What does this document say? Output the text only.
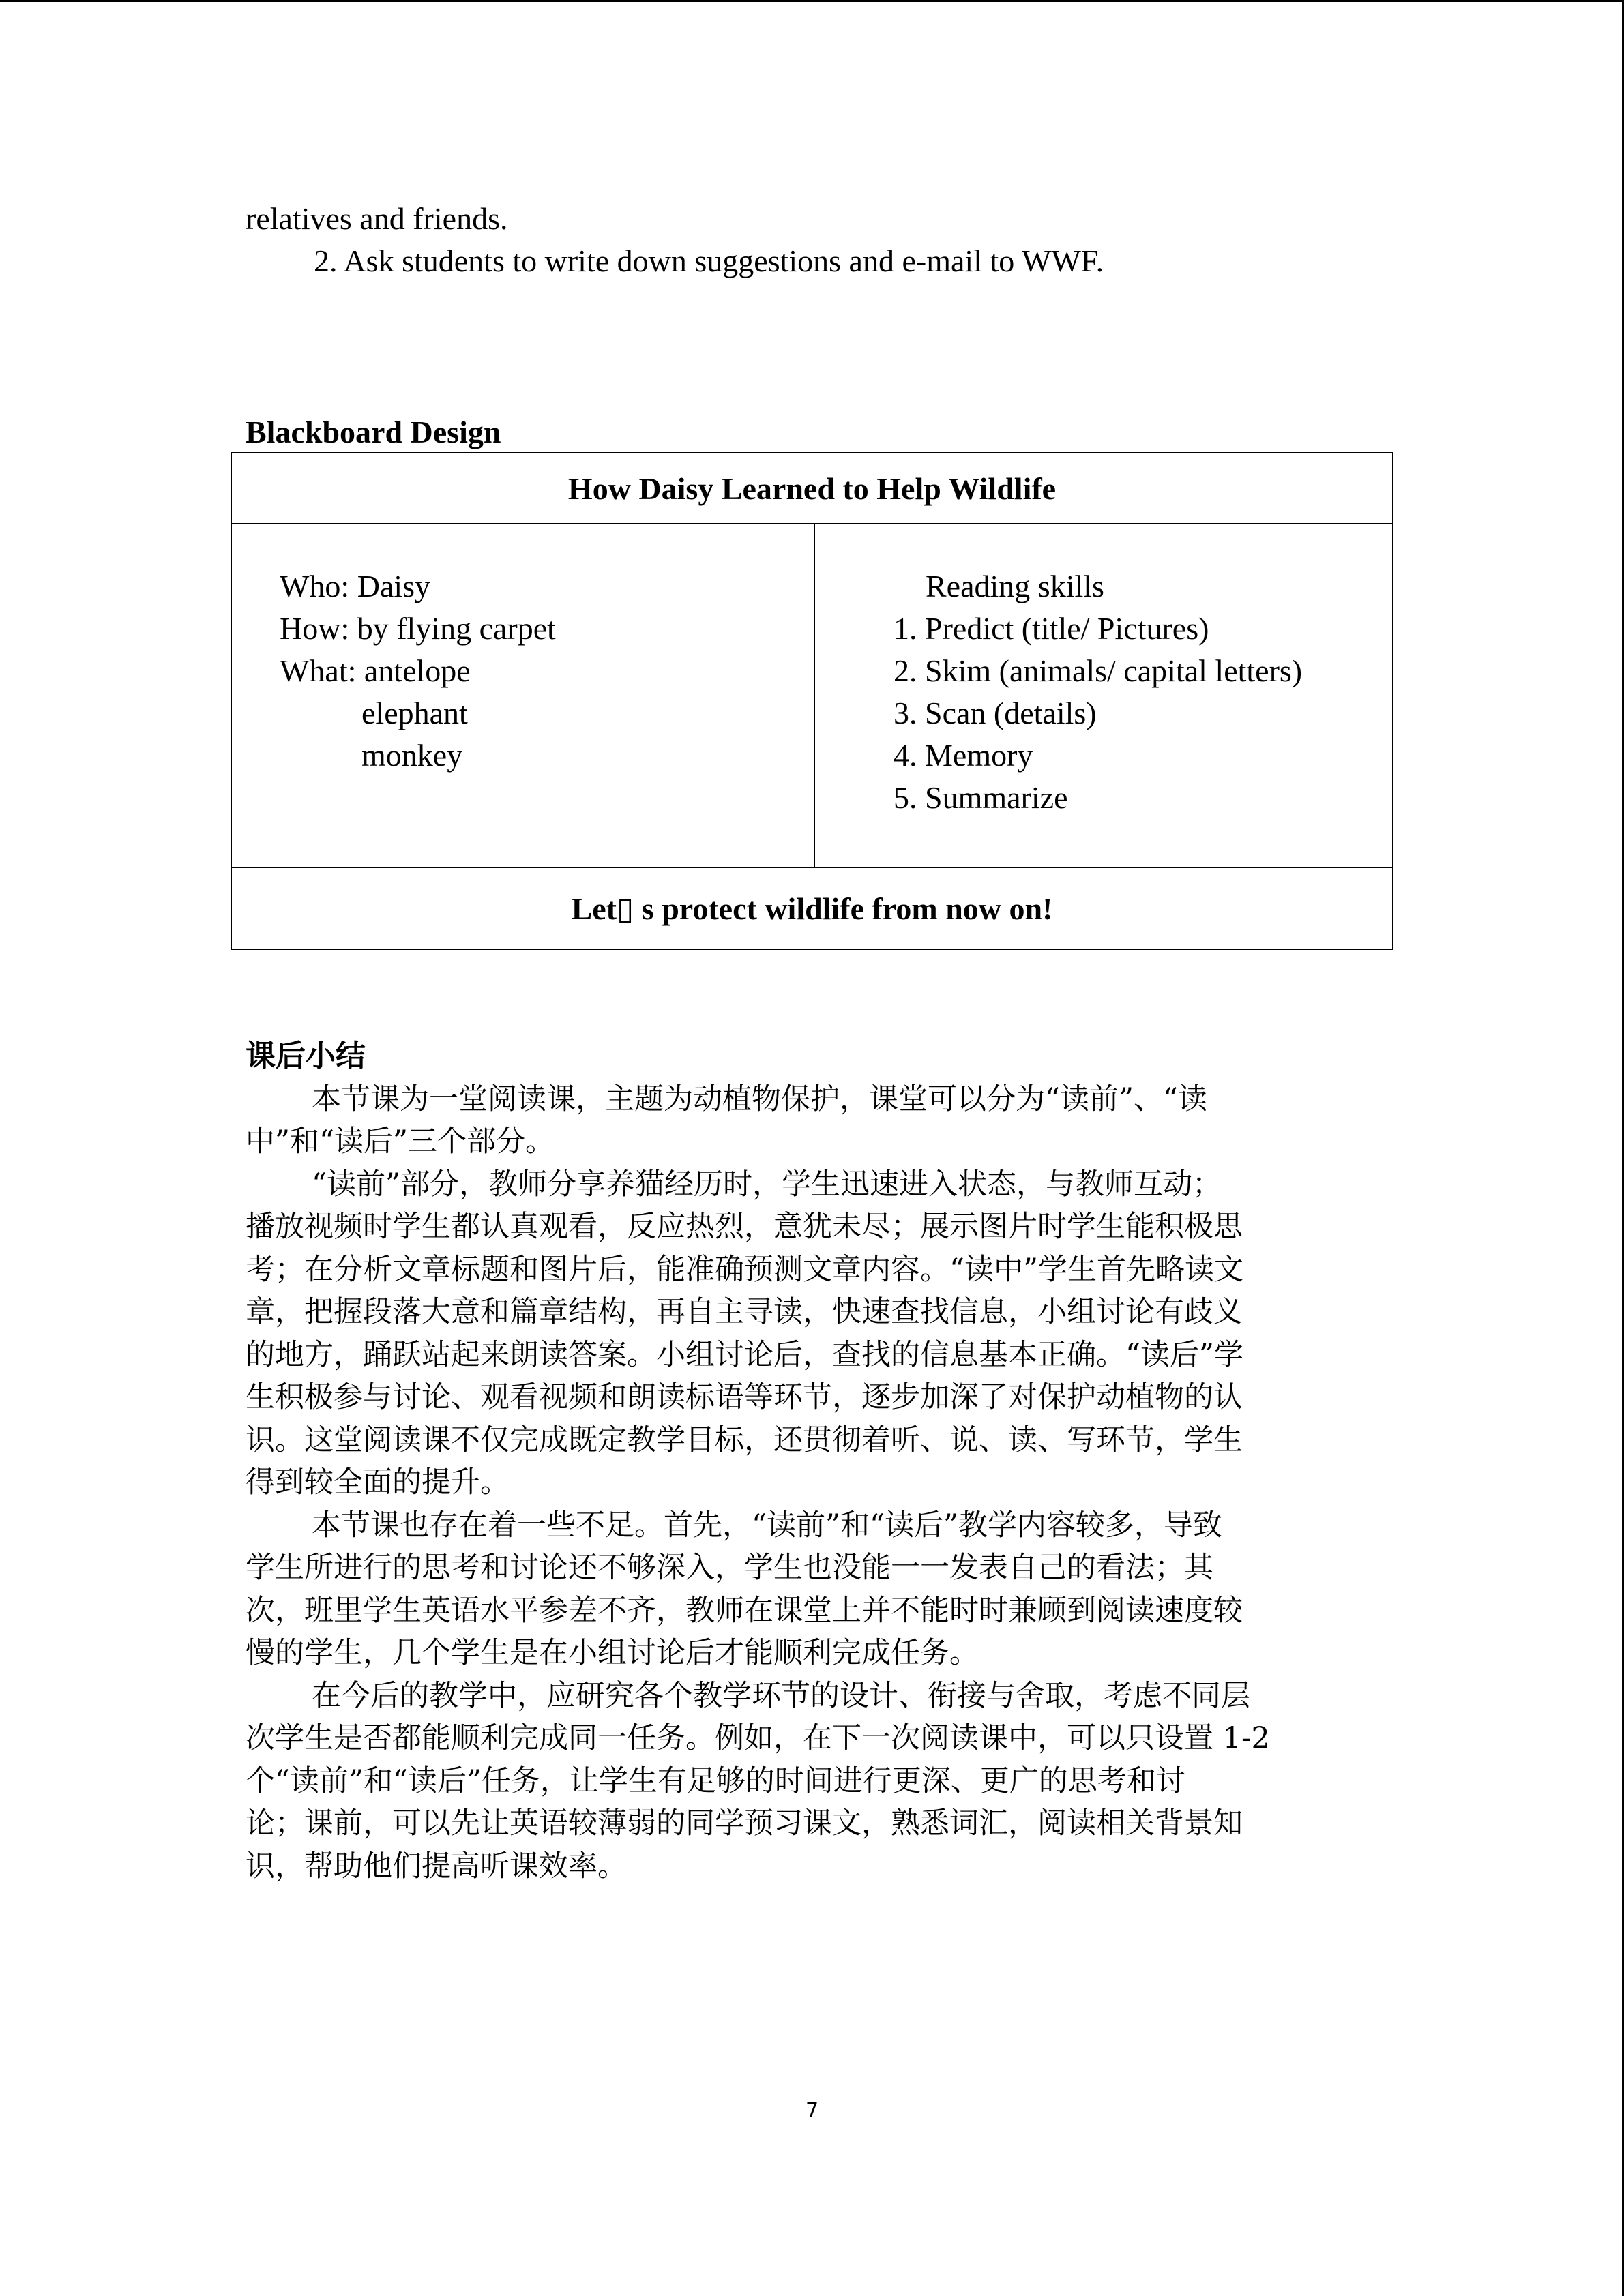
relatives and friends.
2. Ask students to write down suggestions and e-mail to WWF.
Blackboard Design
How Daisy Learned to Help Wildlife
Who: Daisy
How: by flying carpet
What: antelope
elephant
monkey
Reading skills
1. Predict (title/ Pictures)
2. Skim (animals/ capital letters)
3. Scan (details)
4. Memory
5. Summarize
Let▯ s protect wildlife from now on!
课后小结
本节课为一堂阅读课，主题为动植物保护，课堂可以分为“读前”、“读
中”和“读后”三个部分。
“读前”部分，教师分享养猫经历时，学生迅速进入状态，与教师互动；
播放视频时学生都认真观看，反应热烈，意犹未尽；展示图片时学生能积极思
考；在分析文章标题和图片后，能准确预测文章内容。“读中”学生首先略读文
章，把握段落大意和篇章结构，再自主寻读，快速查找信息，小组讨论有歧义
的地方，踊跃站起来朗读答案。小组讨论后，查找的信息基本正确。“读后”学
生积极参与讨论、观看视频和朗读标语等环节，逐步加深了对保护动植物的认
识。这堂阅读课不仅完成既定教学目标，还贯彻着听、说、读、写环节，学生
得到较全面的提升。
本节课也存在着一些不足。首先，“读前”和“读后”教学内容较多，导致
学生所进行的思考和讨论还不够深入，学生也没能一一发表自己的看法；其
次，班里学生英语水平参差不齐，教师在课堂上并不能时时兼顾到阅读速度较
慢的学生，几个学生是在小组讨论后才能顺利完成任务。
在今后的教学中，应研究各个教学环节的设计、衔接与舍取，考虑不同层
次学生是否都能顺利完成同一任务。例如，在下一次阅读课中，可以只设置 1-2
个“读前”和“读后”任务，让学生有足够的时间进行更深、更广的思考和讨
论；课前，可以先让英语较薄弱的同学预习课文，熟悉词汇，阅读相关背景知
识，帮助他们提高听课效率。
7
